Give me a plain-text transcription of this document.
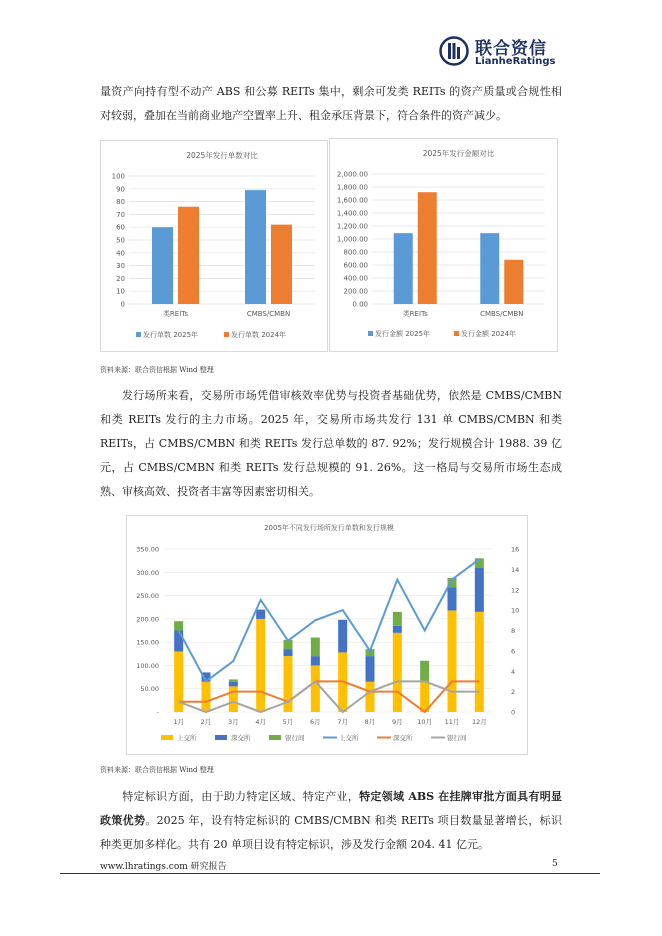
联合资信
LianheRatings
量资产向持有型不动产 ABS 和公募 REITs 集中，剩余可发类 REITs 的资产质量或合规性相对较弱，叠加在当前商业地产空置率上升、租金承压背景下，符合条件的资产减少。
2025年发行单数对比
0
10
20
30
40
50
60
70
80
90
100
类REITs	CMBS/CMBN
发行单数 2025年	发行单数 2024年
2025年发行金额对比
0.00
200.00
400.00
600.00
800.00
1,000.00
1,200.00
1,400.00
1,600.00
1,800.00
2,000.00
类REITs	CMBS/CMBN
发行金额 2025年	发行金额 2024年
资料来源：联合资信根据 Wind 整理
发行场所来看，交易所市场凭借审核效率优势与投资者基础优势，依然是 CMBS/CMBN 和类 REITs 发行的主力市场。2025 年，交易所市场共发行 131 单 CMBS/CMBN 和类 REITs，占 CMBS/CMBN 和类 REITs 发行总单数的 87. 92%；发行规模合计 1988. 39 亿元，占 CMBS/CMBN 和类 REITs 发行总规模的 91. 26%。这一格局与交易所市场生态成熟、审核高效、投资者丰富等因素密切相关。
2005年不同发行场所发行单数和发行规模
-
50.00
100.00
150.00
200.00
250.00
300.00
350.00
0
2
4
6
8
10
12
14
16
1月	2月	3月	4月	5月	6月	7月	8月	9月 10月 11月 12月
上交所	深交所	银行间	上交所	深交所	银行间
资料来源：联合资信根据 Wind 整理
特定标识方面，由于助力特定区域、特定产业，特定领域 ABS 在挂牌审批方面具有明显政策优势。2025 年，设有特定标识的 CMBS/CMBN 和类 REITs 项目数量显著增长，标识种类更加多样化。共有 20 单项目设有特定标识，涉及发行金额 204. 41 亿元。
www.lhratings.com 研究报告	5
